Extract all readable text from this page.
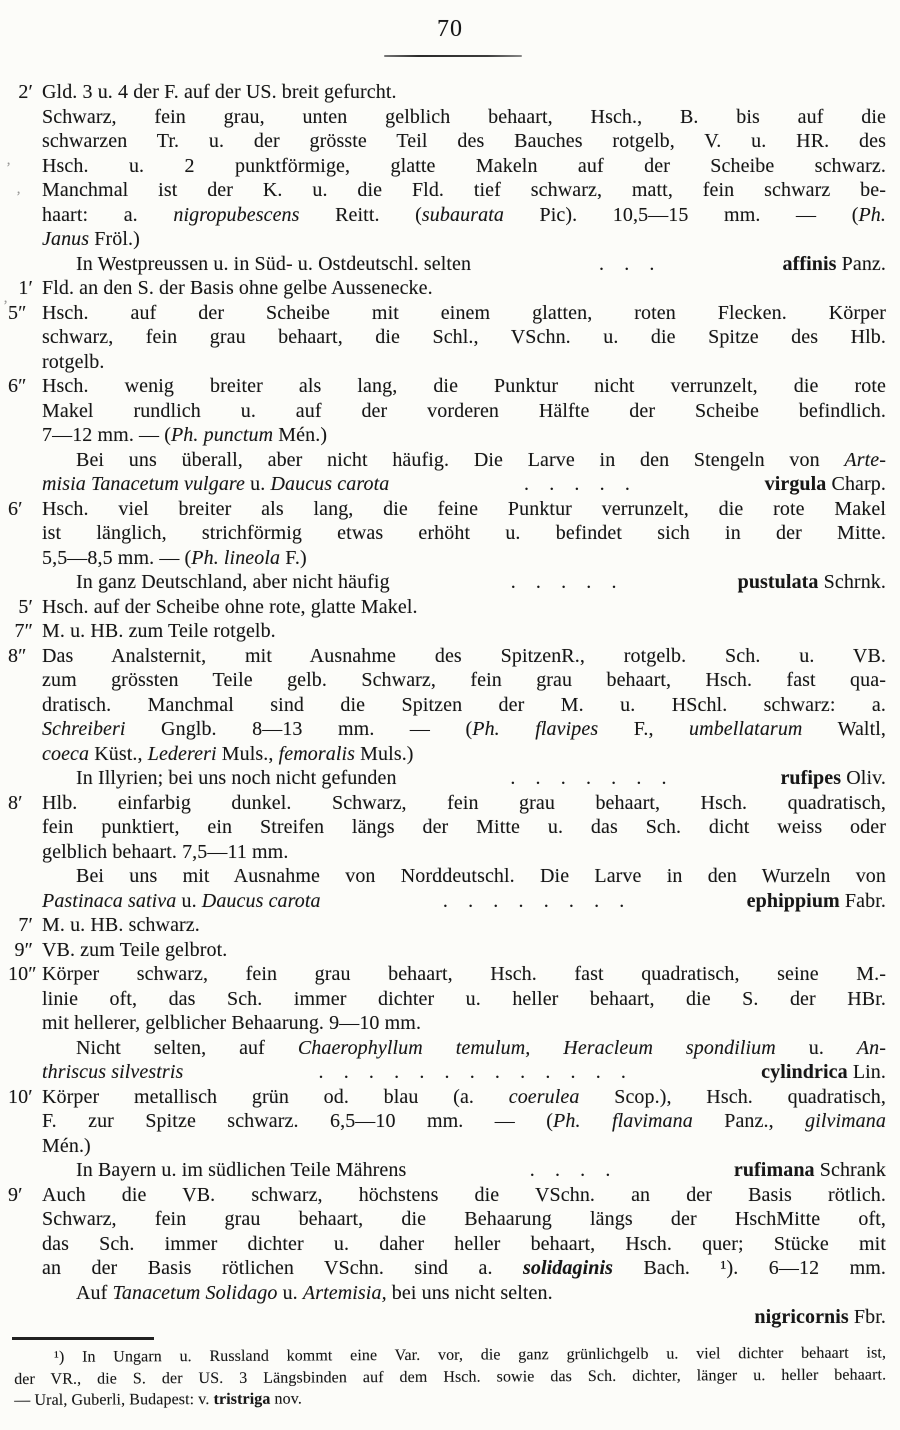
70
2′ Gld. 3 u. 4 der F. auf der US. breit gefurcht.
Schwarz, fein grau, unten gelblich behaart, Hsch., B. bis auf die
schwarzen Tr. u. der grösste Teil des Bauches rotgelb, V. u. HR. des
Hsch. u. 2 punktförmige, glatte Makeln auf der Scheibe schwarz.
Manchmal ist der K. u. die Fld. tief schwarz, matt, fein schwarz be-
haart: a. nigropubescens Reitt. (subaurata Pic). 10,5—15 mm. — (Ph.
Janus Fröl.)
In Westpreussen u. in Süd- u. Ostdeutschl. selten	. . .	affinis Panz.
1′ Fld. an den S. der Basis ohne gelbe Aussenecke.
5″ Hsch. auf der Scheibe mit einem glatten, roten Flecken. Körper
schwarz, fein grau behaart, die Schl., VSchn. u. die Spitze des Hlb.
rotgelb.
6″ Hsch. wenig breiter als lang, die Punktur nicht verrunzelt, die rote
Makel rundlich u. auf der vorderen Hälfte der Scheibe befindlich.
7—12 mm. — (Ph. punctum Mén.)
Bei uns überall, aber nicht häufig. Die Larve in den Stengeln von Arte-
misia Tanacetum vulgare u. Daucus carota	. . . . .	virgula Charp.
6′ Hsch. viel breiter als lang, die feine Punktur verrunzelt, die rote Makel
ist länglich, strichförmig etwas erhöht u. befindet sich in der Mitte.
5,5—8,5 mm. — (Ph. lineola F.)
In ganz Deutschland, aber nicht häufig	. . . . .	pustulata Schrnk.
5′ Hsch. auf der Scheibe ohne rote, glatte Makel.
7″ M. u. HB. zum Teile rotgelb.
8″ Das Analsternit, mit Ausnahme des SpitzenR., rotgelb. Sch. u. VB.
zum grössten Teile gelb. Schwarz, fein grau behaart, Hsch. fast qua-
dratisch. Manchmal sind die Spitzen der M. u. HSchl. schwarz: a.
Schreiberi Gnglb. 8—13 mm. — (Ph. flavipes F., umbellatarum Waltl,
coeca Küst., Ledereri Muls., femoralis Muls.)
In Illyrien; bei uns noch nicht gefunden	. . . . . . .	rufipes Oliv.
8′ Hlb. einfarbig dunkel. Schwarz, fein grau behaart, Hsch. quadratisch,
fein punktiert, ein Streifen längs der Mitte u. das Sch. dicht weiss oder
gelblich behaart. 7,5—11 mm.
Bei uns mit Ausnahme von Norddeutschl. Die Larve in den Wurzeln von
Pastinaca sativa u. Daucus carota	. . . . . . . .	ephippium Fabr.
7′ M. u. HB. schwarz.
9″ VB. zum Teile gelbrot.
10″ Körper schwarz, fein grau behaart, Hsch. fast quadratisch, seine M.-
linie oft, das Sch. immer dichter u. heller behaart, die S. der HBr.
mit hellerer, gelblicher Behaarung. 9—10 mm.
Nicht selten, auf Chaerophyllum temulum, Heracleum spondilium u. An-
thriscus silvestris	. . . . . . . . . . . . .	cylindrica Lin.
10′ Körper metallisch grün od. blau (a. coerulea Scop.), Hsch. quadratisch,
F. zur Spitze schwarz. 6,5—10 mm. — (Ph. flavimana Panz., gilvimana
Mén.)
In Bayern u. im südlichen Teile Mährens	. . . .	rufimana Schrank
9′ Auch die VB. schwarz, höchstens die VSchn. an der Basis rötlich.
Schwarz, fein grau behaart, die Behaarung längs der HschMitte oft,
das Sch. immer dichter u. daher heller behaart, Hsch. quer; Stücke mit
an der Basis rötlichen VSchn. sind a. solidaginis Bach. ¹). 6—12 mm.
Auf Tanacetum Solidago u. Artemisia, bei uns nicht selten.
nigricornis Fbr.
¹) In Ungarn u. Russland kommt eine Var. vor, die ganz grünlichgelb u. viel dichter behaart ist,
der VR., die S. der US. 3 Längsbinden auf dem Hsch. sowie das Sch. dichter, länger u. heller behaart.
— Ural, Guberli, Budapest: v. tristriga nov.
’
’
’
